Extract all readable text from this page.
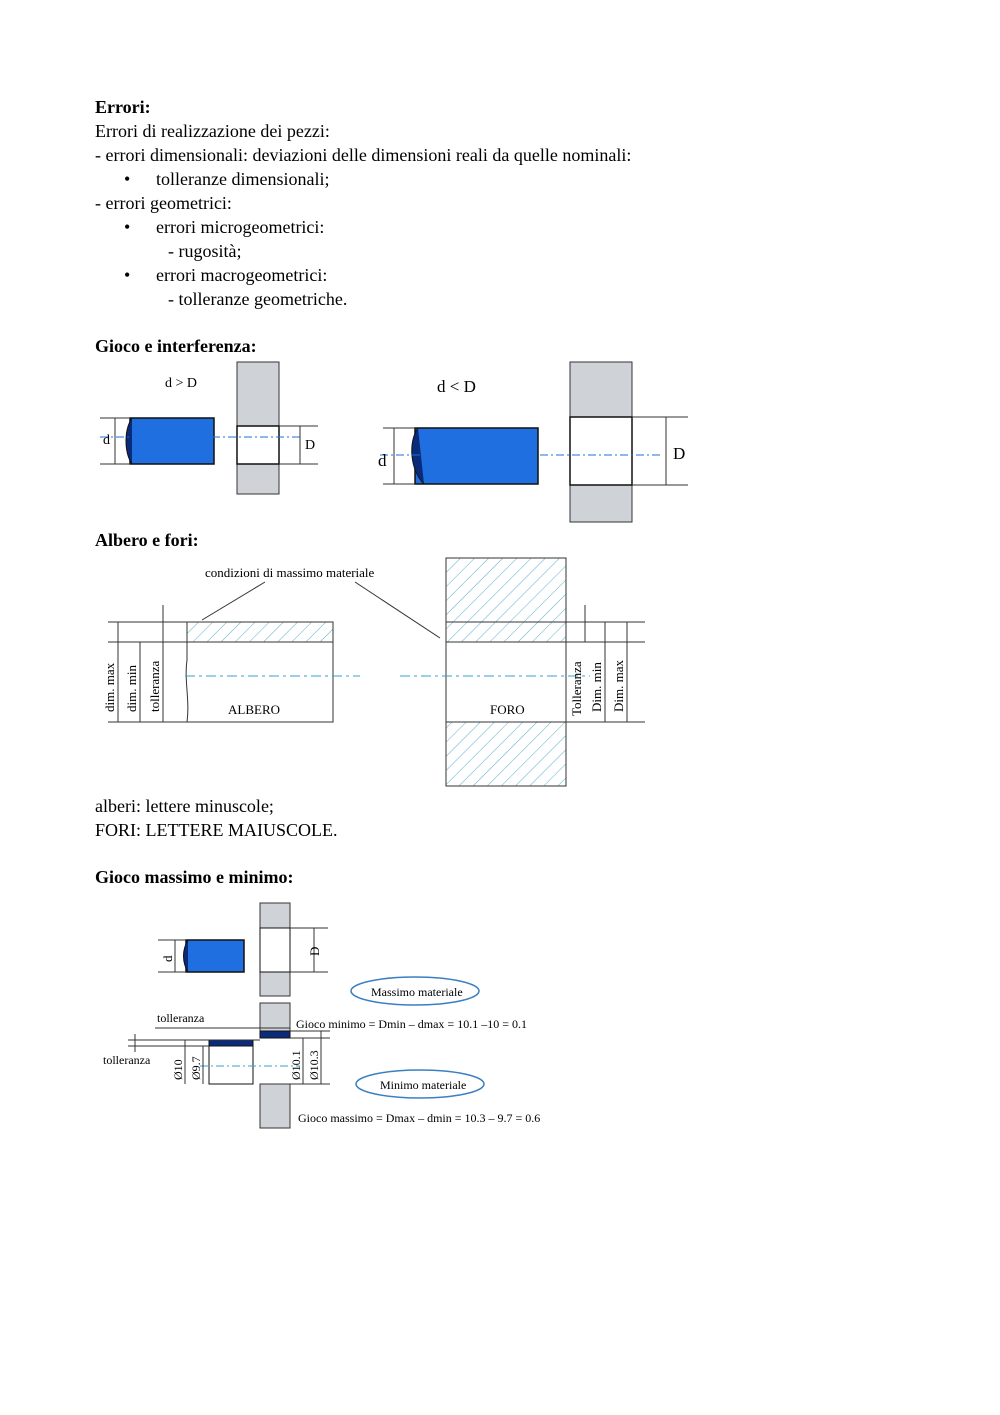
Errori:
Errori di realizzazione dei pezzi:
- errori dimensionali: deviazioni delle dimensioni reali da quelle nominali:
• tolleranze dimensionali;
- errori geometrici:
• errori microgeometrici:
- rugosità;
• errori macrogeometrici:
- tolleranze geometriche.
Gioco e interferenza:
d > D
d	D
d < D
d	D
Albero e fori:
condizioni di massimo materiale
ALBERO	FORO
dim. max dim. min tolleranza	Tolleranza Dim. min Dim. max
alberi: lettere minuscole;
FORI: LETTERE MAIUSCOLE.
Gioco massimo e minimo:
d
D
Massimo materiale
Minimo materiale
tolleranza
tolleranza Ø10 Ø9.7	Ø10.1 Ø10.3
Gioco minimo = Dmin – dmax = 10.1 –10 = 0.1
Gioco massimo = Dmax – dmin = 10.3 – 9.7 = 0.6
